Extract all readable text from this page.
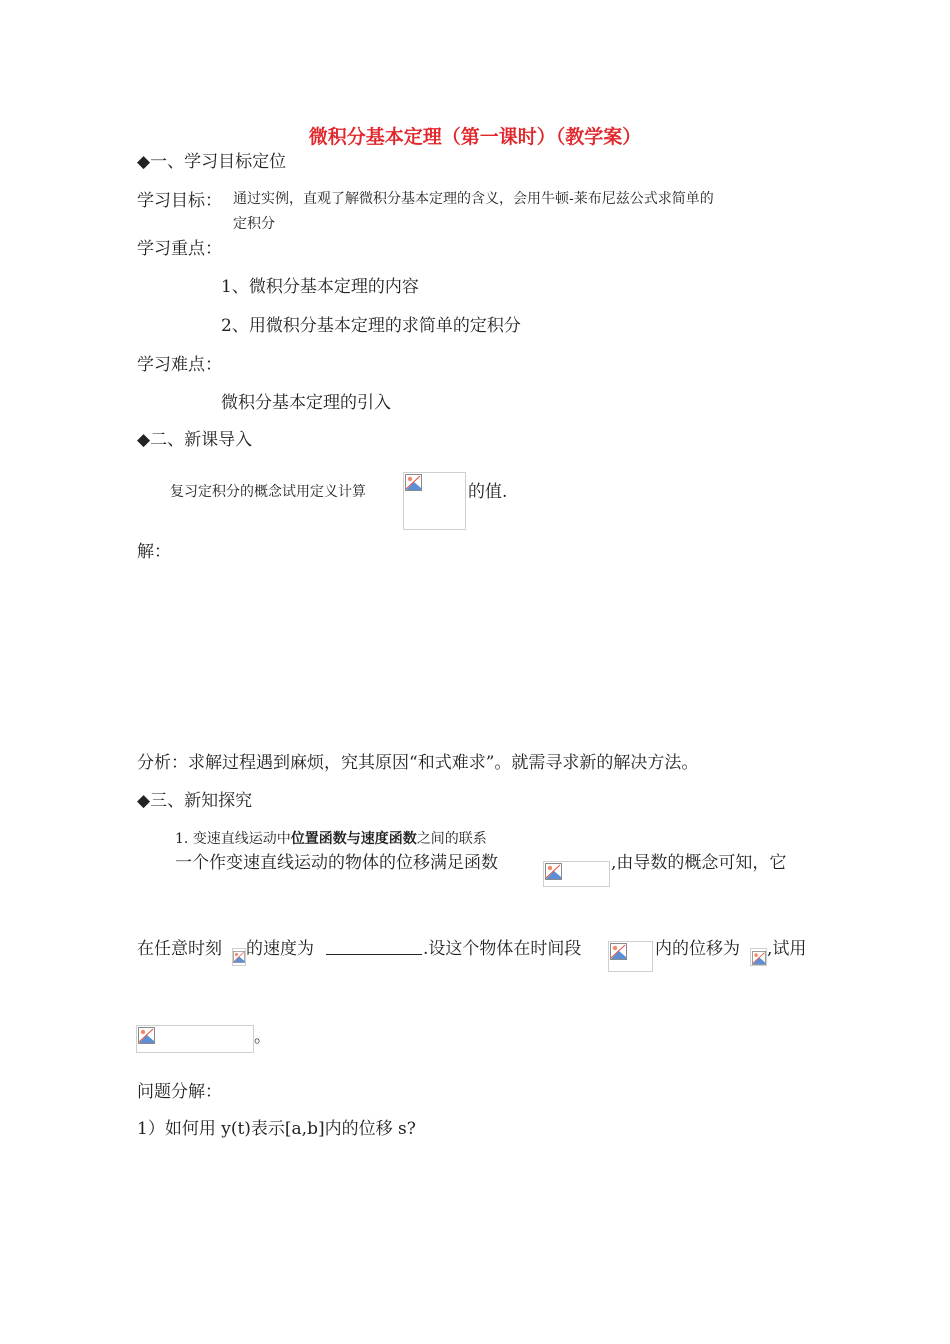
微积分基本定理（第一课时）（教学案）
◆一、学习目标定位
学习目标： 通过实例，直观了解微积分基本定理的含义，会用牛顿-莱布尼兹公式求简单的
定积分
学习重点：
1、微积分基本定理的内容
2、用微积分基本定理的求简单的定积分
学习难点：
微积分基本定理的引入
◆二、新课导入
复习定积分的概念试用定义计算	的值.
解：
分析：求解过程遇到麻烦，究其原因“和式难求”。就需寻求新的解决方法。
◆三、新知探究
1. 变速直线运动中位置函数与速度函数之间的联系
一个作变速直线运动的物体的位移满足函数	,由导数的概念可知，它
在任意时刻 的速度为	.设这个物体在时间段	内的位移为 ,试用
。
问题分解：
1）如何用 y(t)表示[a,b]内的位移 s?
